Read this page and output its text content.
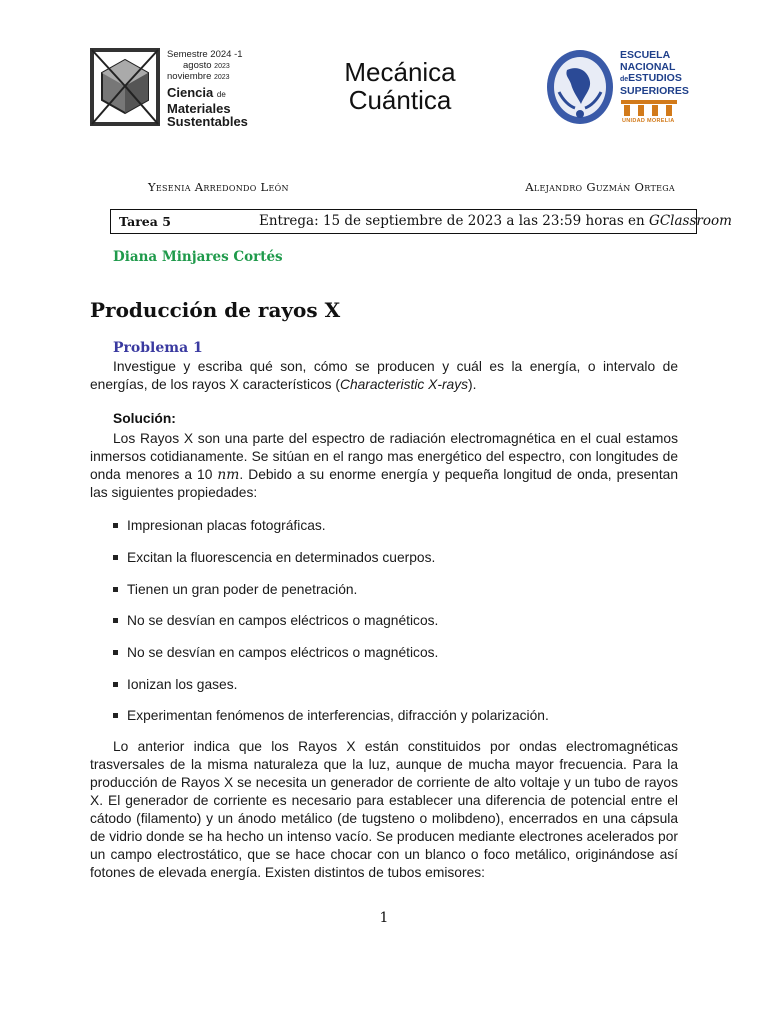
Semestre 2024 -1
agosto 2023
noviembre 2023
Ciencia de
Materiales
Sustentables
Mecánica
Cuántica
ESCUELA
NACIONAL
deESTUDIOS
SUPERIORES
UNIDAD MORELIA
Yesenia Arredondo León	Alejandro Guzmán Ortega
Tarea 5	Entrega: 15 de septiembre de 2023 a las 23:59 horas en GClassroom
Diana Minjares Cortés
Producción de rayos X
Problema 1
Investigue y escriba qué son, cómo se producen y cuál es la energía, o intervalo de energías, de los rayos X característicos (Characteristic X-rays).
Solución:
Los Rayos X son una parte del espectro de radiación electromagnética en el cual estamos inmersos cotidianamente. Se sitúan en el rango mas energético del espectro, con longitudes de onda menores a 10 nm. Debido a su enorme energía y pequeña longitud de onda, presentan las siguientes propiedades:
Impresionan placas fotográficas.
Excitan la fluorescencia en determinados cuerpos.
Tienen un gran poder de penetración.
No se desvían en campos eléctricos o magnéticos.
No se desvían en campos eléctricos o magnéticos.
Ionizan los gases.
Experimentan fenómenos de interferencias, difracción y polarización.
Lo anterior indica que los Rayos X están constituidos por ondas electromagnéticas trasversales de la misma naturaleza que la luz, aunque de mucha mayor frecuencia. Para la producción de Rayos X se necesita un generador de corriente de alto voltaje y un tubo de rayos X. El generador de corriente es necesario para establecer una diferencia de potencial entre el cátodo (filamento) y un ánodo metálico (de tugsteno o molibdeno), encerrados en una cápsula de vidrio donde se ha hecho un intenso vacío. Se producen mediante electrones acelerados por un campo electrostático, que se hace chocar con un blanco o foco metálico, originándose así fotones de elevada energía. Existen distintos de tubos emisores:
1
